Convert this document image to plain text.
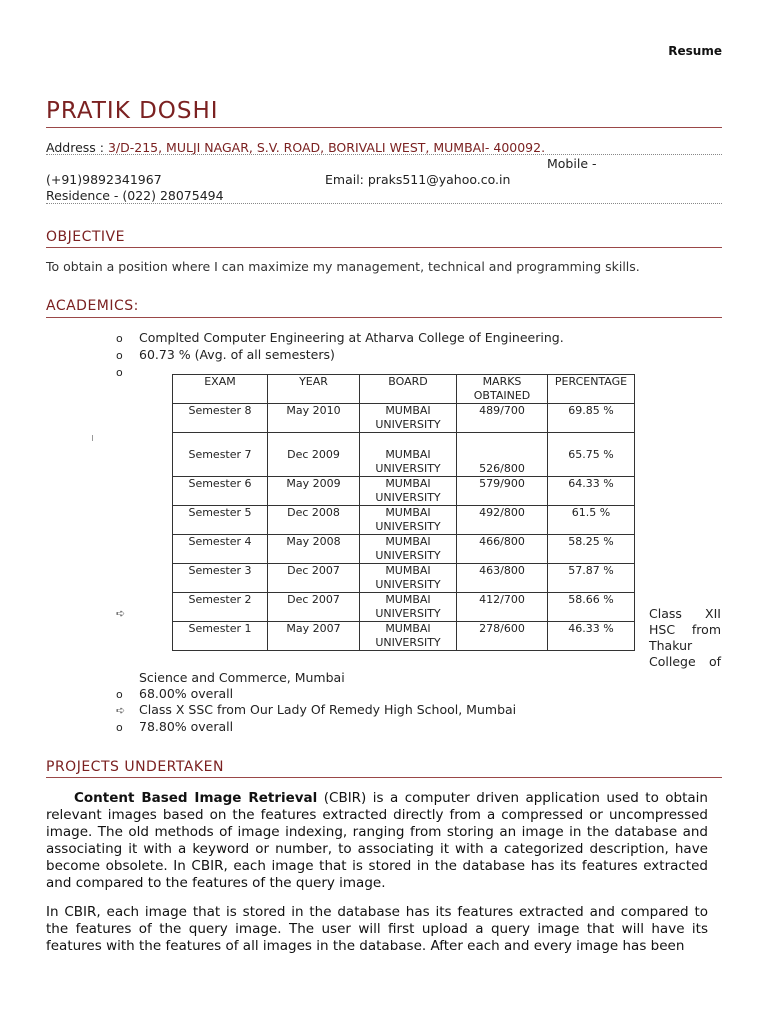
Resume
PRATIK DOSHI
Address : 3/D-215, MULJI NAGAR, S.V. ROAD, BORIVALI WEST, MUMBAI- 400092.
Mobile -
(+91)9892341967	Email: praks511@yahoo.co.in
Residence - (022) 28075494
OBJECTIVE
To obtain a position where I can maximize my management, technical and programming skills.
ACADEMICS:
o Complted Computer Engineering at Atharva College of Engineering.
o 60.73 % (Avg. of all semesters)
o
EXAM	YEAR	BOARD	MARKS OBTAINED	PERCENTAGE
Semester 8	May 2010	MUMBAI UNIVERSITY	489/700	69.85 %
Semester 7	Dec 2009	MUMBAI UNIVERSITY	526/800	65.75 %
Semester 6	May 2009	MUMBAI UNIVERSITY	579/900	64.33 %
Semester 5	Dec 2008	MUMBAI UNIVERSITY	492/800	61.5 %
Semester 4	May 2008	MUMBAI UNIVERSITY	466/800	58.25 %
Semester 3	Dec 2007	MUMBAI UNIVERSITY	463/800	57.87 %
Semester 2	Dec 2007	MUMBAI UNIVERSITY	412/700	58.66 %
Semester 1	May 2007	MUMBAI UNIVERSITY	278/600	46.33 %
➪	Class XII
HSC from
Thakur
College of
Science and Commerce, Mumbai
o 68.00% overall
➪ Class X SSC from Our Lady Of Remedy High School, Mumbai
o 78.80% overall
PROJECTS UNDERTAKEN
Content Based Image Retrieval (CBIR) is a computer driven application used to obtain relevant images based on the features extracted directly from a compressed or uncompressed image. The old methods of image indexing, ranging from storing an image in the database and associating it with a keyword or number, to associating it with a categorized description, have become obsolete. In CBIR, each image that is stored in the database has its features extracted and compared to the features of the query image.
In CBIR, each image that is stored in the database has its features extracted and compared to the features of the query image. The user will first upload a query image that will have its features with the features of all images in the database. After each and every image has been
